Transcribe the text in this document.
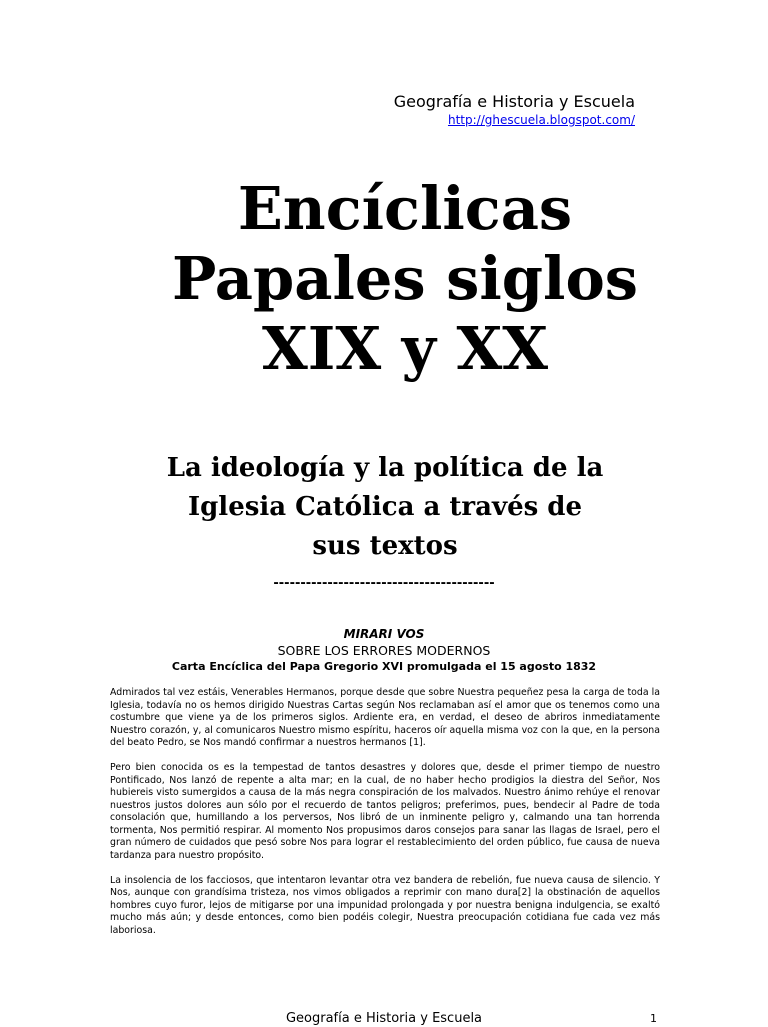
Geografía e Historia y Escuela
http://ghescuela.blogspot.com/
Encíclicas
Papales siglos
XIX y XX
La ideología y la política de la
Iglesia Católica a través de
sus textos
-----------------------------------------
MIRARI VOS
SOBRE LOS ERRORES MODERNOS
Carta Encíclica del Papa Gregorio XVI promulgada el 15 agosto 1832

Admirados tal vez estáis, Venerables Hermanos, porque desde que sobre Nuestra pequeñez pesa la carga de toda la Iglesia, todavía no os hemos dirigido Nuestras Cartas según Nos reclamaban así el amor que os tenemos como una costumbre que viene ya de los primeros siglos. Ardiente era, en verdad, el deseo de abriros inmediatamente Nuestro corazón, y, al comunicaros Nuestro mismo espíritu, haceros oír aquella misma voz con la que, en la persona del beato Pedro, se Nos mandó confirmar a nuestros hermanos [1].

Pero bien conocida os es la tempestad de tantos desastres y dolores que, desde el primer tiempo de nuestro Pontificado, Nos lanzó de repente a alta mar; en la cual, de no haber hecho prodigios la diestra del Señor, Nos hubiereis visto sumergidos a causa de la más negra conspiración de los malvados. Nuestro ánimo rehúye el renovar nuestros justos dolores aun sólo por el recuerdo de tantos peligros; preferimos, pues, bendecir al Padre de toda consolación que, humillando a los perversos, Nos libró de un inminente peligro y, calmando una tan horrenda tormenta, Nos permitió respirar. Al momento Nos propusimos daros consejos para sanar las llagas de Israel, pero el gran número de cuidados que pesó sobre Nos para lograr el restablecimiento del orden público, fue causa de nueva tardanza para nuestro propósito.

La insolencia de los facciosos, que intentaron levantar otra vez bandera de rebelión, fue nueva causa de silencio. Y Nos, aunque con grandísima tristeza, nos vimos obligados a reprimir con mano dura[2] la obstinación de aquellos hombres cuyo furor, lejos de mitigarse por una impunidad prolongada y por nuestra benigna indulgencia, se exaltó mucho más aún; y desde entonces, como bien podéis colegir, Nuestra preocupación cotidiana fue cada vez más laboriosa.

Geografía e Historia y Escuela	1
